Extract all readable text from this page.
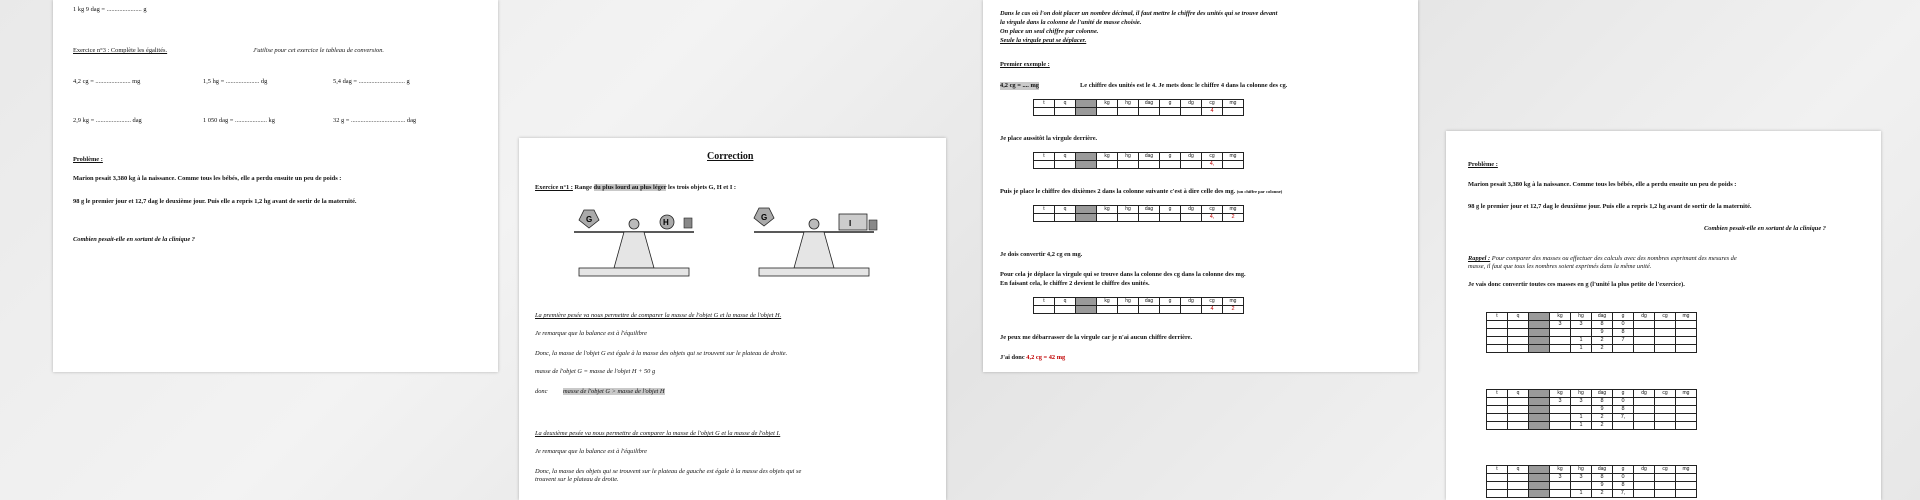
1 kg 9 dag = ...................... g
Exercice n°3 : Complète les égalités.	J'utilise pour cet exercice le tableau de conversion.
4,2 cg = ...................... mg	1,5 hg = ..................... dg	5,4 dag = ............................. g
2,9 kg = ...................... dag	1 050 dag = .................... kg	32 g = .................................. dag
Problème :
Marion pesait 3,380 kg à la naissance. Comme tous les bébés, elle a perdu ensuite un peu de poids :
98 g le premier jour et 12,7 dag le deuxième jour. Puis elle a repris 1,2 hg avant de sortir de la maternité.
Combien pesait-elle en sortant de la clinique ?
Correction
Exercice n°1 : Range du plus lourd au plus léger les trois objets G, H et I :
G	H
G
I
La première pesée va nous permettre de comparer la masse de l'objet G et la masse de l'objet H.
Je remarque que la balance est à l'équilibre
Donc, la masse de l'objet G est égale à la masse des objets qui se trouvent sur le plateau de droite.
masse de l'objet G = masse de l'objet H + 50 g
donc masse de l'objet G > masse de l'objet H
La deuxième pesée va nous permettre de comparer la masse de l'objet G et la masse de l'objet I.
Je remarque que la balance est à l'équilibre
Donc, la masse des objets qui se trouvent sur le plateau de gauche est égale à la masse des objets qui se
trouvent sur le plateau de droite.
Dans le cas où l'on doit placer un nombre décimal, il faut mettre le chiffre des unités qui se trouve devant
la virgule dans la colonne de l'unité de masse choisie.
On place un seul chiffre par colonne.
Seule la virgule peut se déplacer.
Premier exemple :
4,2 cg = .... mg	Le chiffre des unités est le 4. Je mets donc le chiffre 4 dans la colonne des cg.
t	q		kg	hg	dag	g	dg	cg	mg
								4	
Je place aussitôt la virgule derrière.
t	q		kg	hg	dag	g	dg	cg	mg
								4,	
Puis je place le chiffre des dixièmes 2 dans la colonne suivante c'est à dire celle des mg. (un chiffre par colonne)
t	q		kg	hg	dag	g	dg	cg	mg
								4,	2
Je dois convertir 4,2 cg en mg.
Pour cela je déplace la virgule qui se trouve dans la colonne des cg dans la colonne des mg.
En faisant cela, le chiffre 2 devient le chiffre des unités.
t	q		kg	hg	dag	g	dg	cg	mg
								4	2
Je peux me débarrasser de la virgule car je n'ai aucun chiffre derrière.
J'ai donc 4,2 cg = 42 mg
Problème :
Marion pesait 3,380 kg à la naissance. Comme tous les bébés, elle a perdu ensuite un peu de poids :
98 g le premier jour et 12,7 dag le deuxième jour. Puis elle a repris 1,2 hg avant de sortir de la maternité.
Combien pesait-elle en sortant de la clinique ?
Rappel : Pour comparer des masses ou effectuer des calculs avec des nombres exprimant des mesures de
masse, il faut que tous les nombres soient exprimés dans la même unité.
Je vais donc convertir toutes ces masses en g (l'unité la plus petite de l'exercice).
t	q		kg	hg	dag	g	dg	cg	mg
			3	3	8	0			
					9	8			
				1	2	7			
				1	2				
t	q		kg	hg	dag	g	dg	cg	mg
			3	3	8	0			
					9	8			
				1	2	7,			
				1	2				
t	q		kg	hg	dag	g	dg	cg	mg
			3	3	8	0			
					9	8			
				1	2	7,			
